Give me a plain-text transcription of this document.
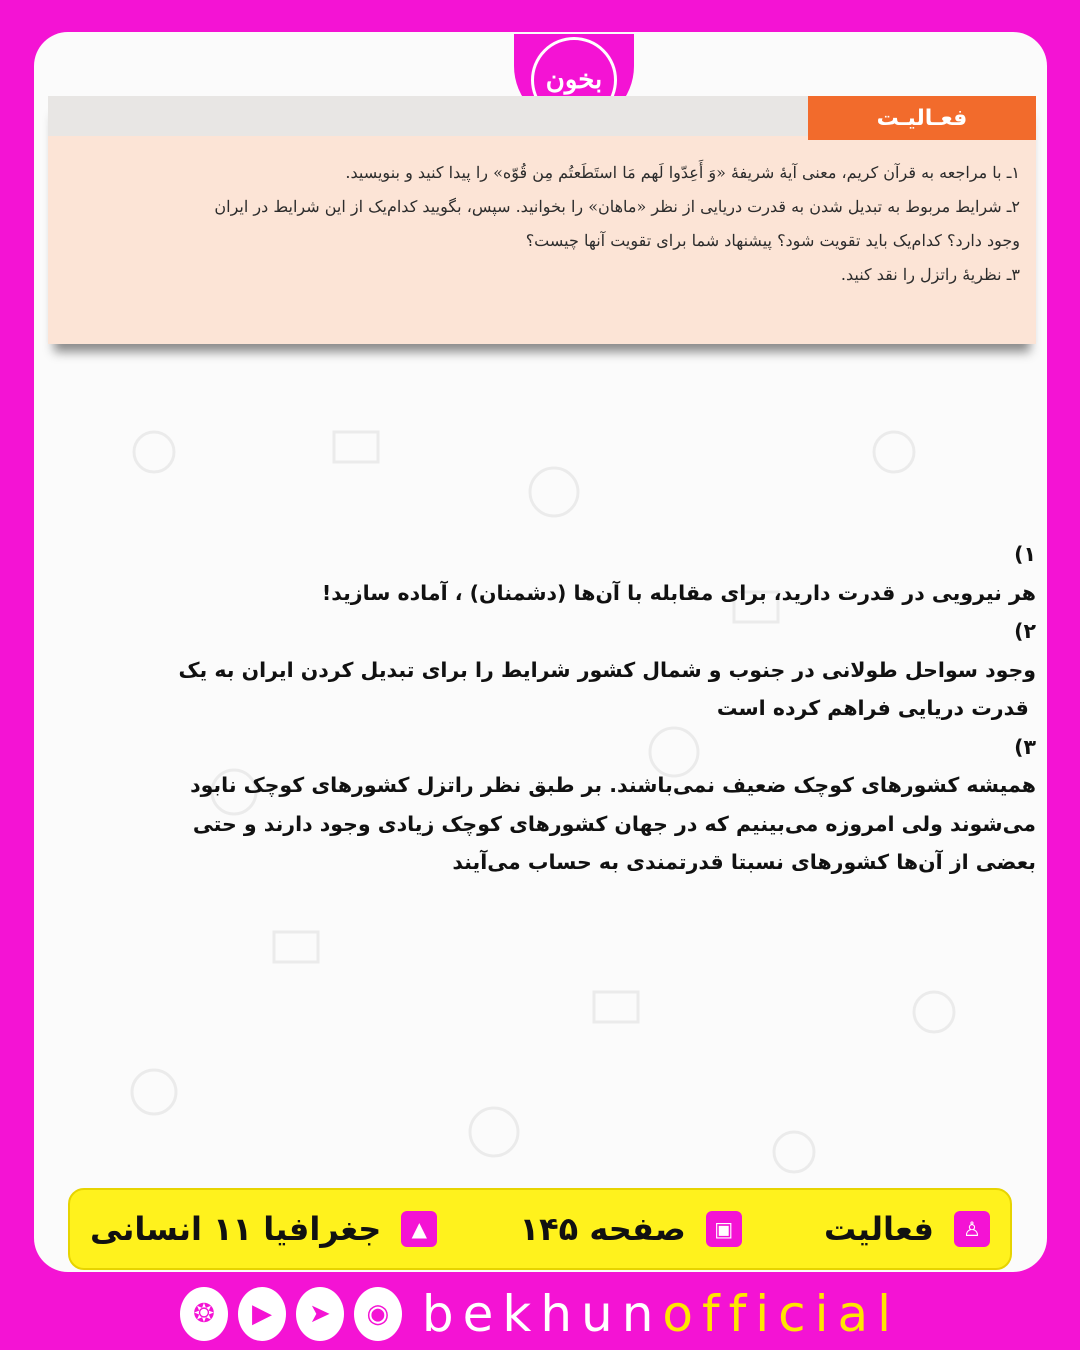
بخون
فعـالیـت
۱ـ با مراجعه به قرآن کریم، معنی آیهٔ شریفهٔ «وَ أَعِدّوا لَهم مَا استَطَعتُم مِن قُوّه» را پیدا کنید و بنویسید.
۲ـ شرایط مربوط به تبدیل شدن به قدرت دریایی از نظر «ماهان» را بخوانید. سپس، بگویید کدام‌یک از این شرایط در ایران
وجود دارد؟ کدام‌یک باید تقویت شود؟ پیشنهاد شما برای تقویت آنها چیست؟
۳ـ نظریهٔ راتزل را نقد کنید.
۱)
هر نیرویی در قدرت دارید، برای مقابله با آن‌ها (دشمنان) ، آماده سازید!
۲)
وجود سواحل طولانی در جنوب و شمال کشور شرایط را برای تبدیل کردن ایران به یک
قدرت دریایی فراهم کرده است
۳)
همیشه کشورهای کوچک ضعیف نمی‌باشند. بر طبق نظر راتزل کشورهای کوچک نابود
می‌شوند ولی امروزه می‌بینیم که در جهان کشورهای کوچک زیادی وجود دارند و حتی
بعضی از آن‌ها کشورهای نسبتا قدرتمندی به حساب می‌آیند
♙
فعالیت
▣
صفحه ۱۴۵
▲
جغرافیا ۱۱ انسانی
❂	▶	➤	◉ bekhunofficial
